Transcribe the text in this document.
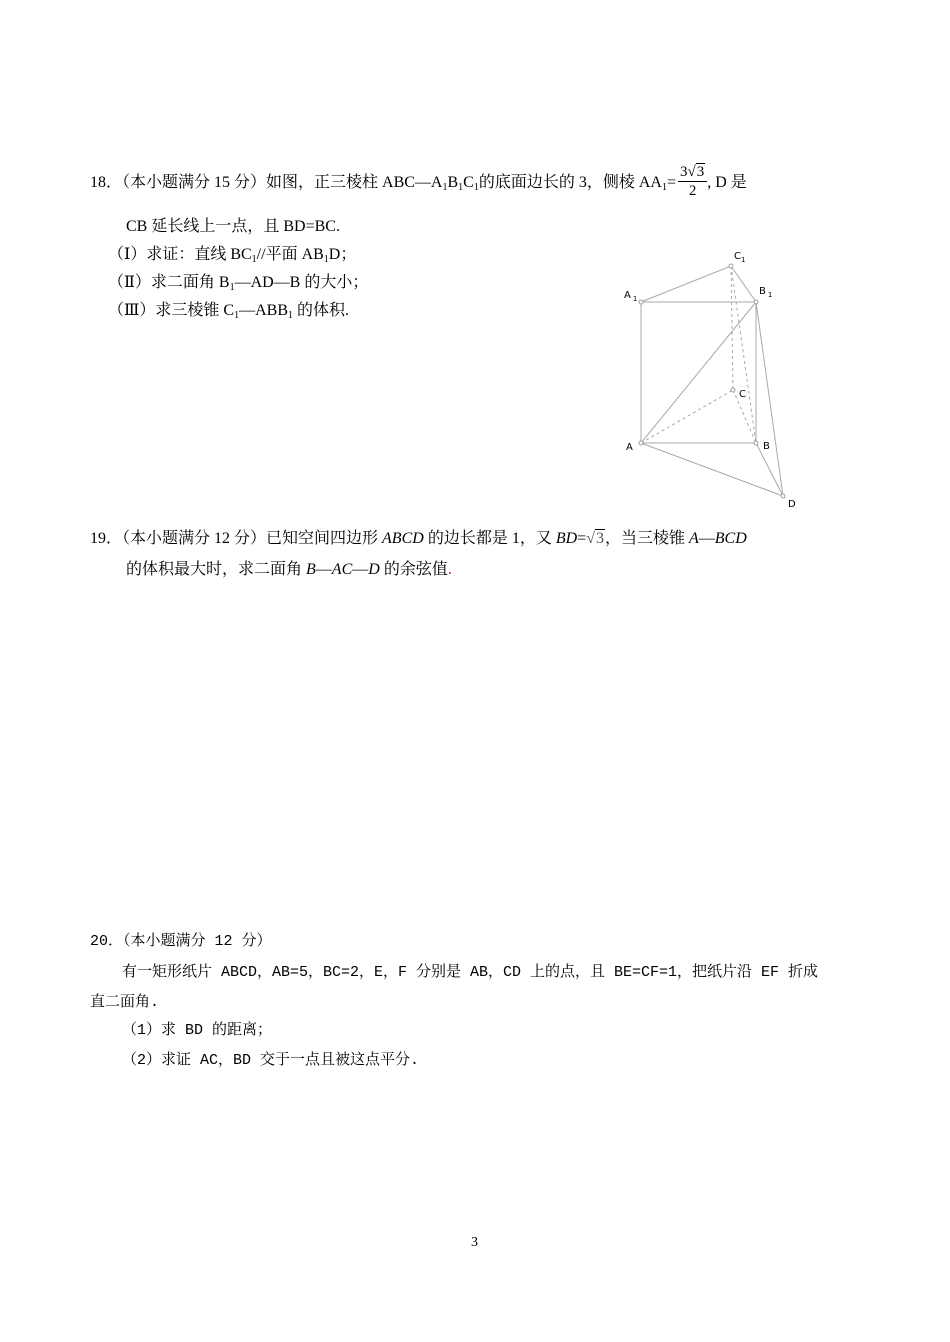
18．（本小题满分 15 分）如图，正三棱柱 $ABC—A_1B_1C_1$的底面边长的 3，侧棱 $AA_1= \frac{3√3}{2}$ , D 是
CB 延长线上一点，且 BD=BC.
（Ⅰ）求证：直线 $BC_1//$平面 $AB_1D$；
（Ⅱ）求二面角 $B_1—AD—B$ 的大小；
（Ⅲ）求三棱锥 $C_1—ABB_1$ 的体积.
$C_1$
A $_1$
B $_1$
C
A	B
D
19．（本小题满分 12 分）已知空间四边形 ABCD 的边长都是 1，又 BD=√3，当三棱锥 A—BCD
的体积最大时，求二面角 B—AC—D 的余弦值.
20．（本小题满分 12 分）
有一矩形纸片 ABCD，AB=5，BC=2，E，F 分别是 AB，CD 上的点，且 BE=CF=1，把纸片沿 EF 折成
直二面角.
（1）求 BD 的距离；
（2）求证 AC，BD 交于一点且被这点平分.
3
